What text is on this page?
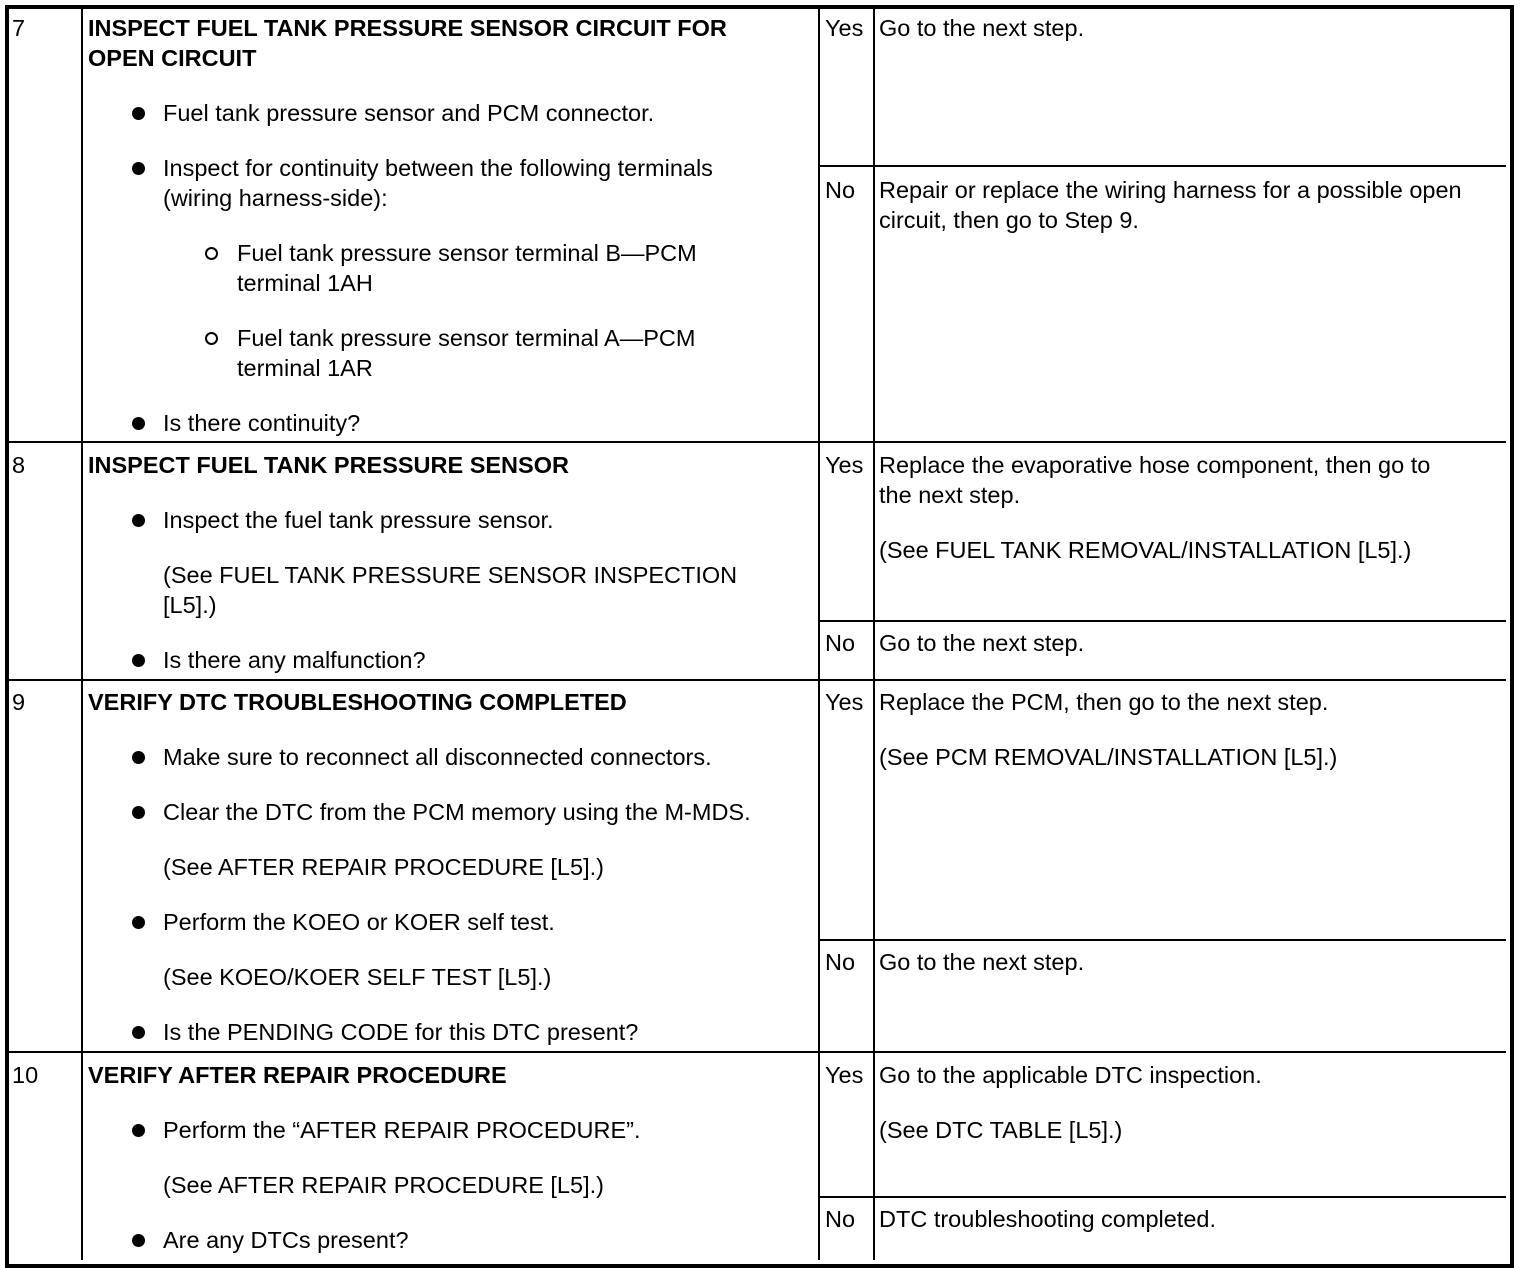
7	INSPECT FUEL TANK PRESSURE SENSOR CIRCUIT FOR
OPEN CIRCUIT
Fuel tank pressure sensor and PCM connector.
Inspect for continuity between the following terminals
(wiring harness-side):
Fuel tank pressure sensor terminal B—PCM
terminal 1AH
Fuel tank pressure sensor terminal A—PCM
terminal 1AR
Is there continuity?
Yes Go to the next step.
No Repair or replace the wiring harness for a possible open
circuit, then go to Step 9.
8	INSPECT FUEL TANK PRESSURE SENSOR
Inspect the fuel tank pressure sensor.
(See FUEL TANK PRESSURE SENSOR INSPECTION
[L5].)
Is there any malfunction?
Yes Replace the evaporative hose component, then go to
the next step.
(See FUEL TANK REMOVAL/INSTALLATION [L5].)
No Go to the next step.
9	VERIFY DTC TROUBLESHOOTING COMPLETED
Make sure to reconnect all disconnected connectors.
Clear the DTC from the PCM memory using the M-MDS.
(See AFTER REPAIR PROCEDURE [L5].)
Perform the KOEO or KOER self test.
(See KOEO/KOER SELF TEST [L5].)
Is the PENDING CODE for this DTC present?
Yes Replace the PCM, then go to the next step.
(See PCM REMOVAL/INSTALLATION [L5].)
No Go to the next step.
10 VERIFY AFTER REPAIR PROCEDURE
Perform the “AFTER REPAIR PROCEDURE”.
(See AFTER REPAIR PROCEDURE [L5].)
Are any DTCs present?
Yes Go to the applicable DTC inspection.
(See DTC TABLE [L5].)
No DTC troubleshooting completed.
